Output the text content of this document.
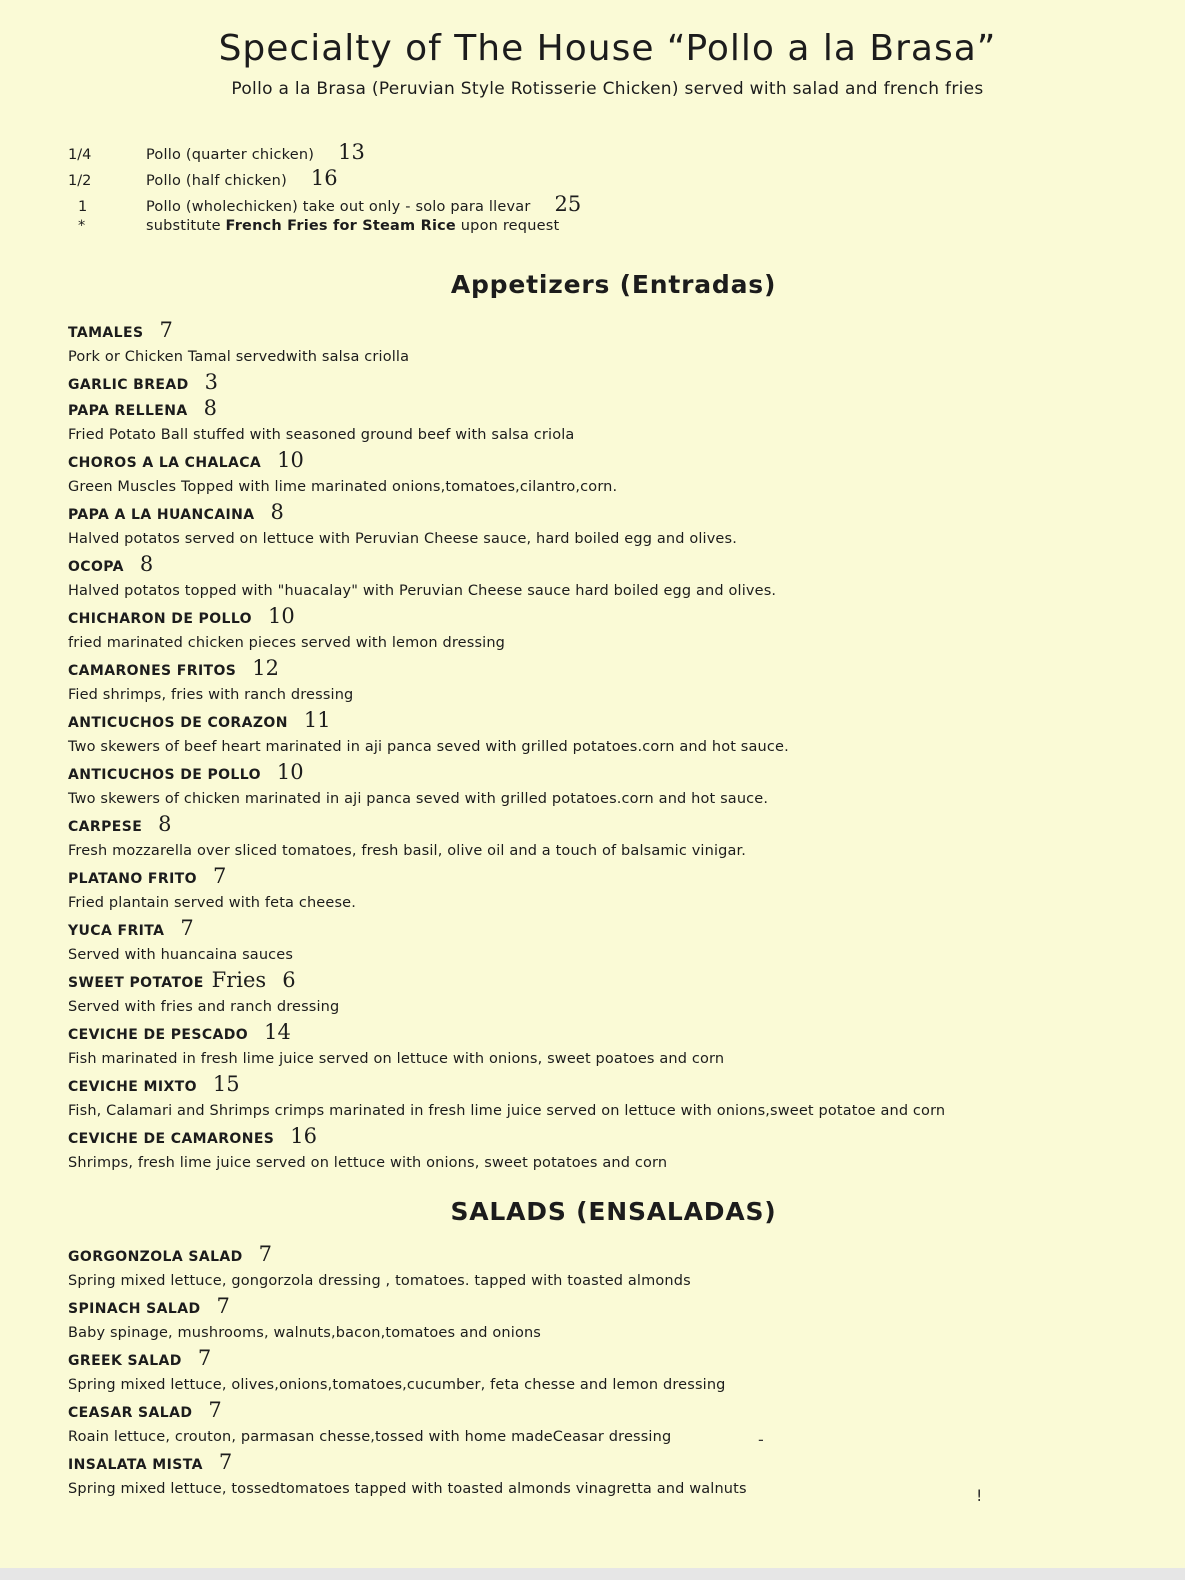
Specialty of The House “Pollo a la Brasa”
Pollo a la Brasa (Peruvian Style Rotisserie Chicken) served with salad and french fries
1/4	Pollo (quarter chicken) 13
1/2	Pollo (half chicken) 16
1	Pollo (wholechicken) take out only - solo para llevar 25
*	substitute French Fries for Steam Rice upon request
Appetizers (Entradas)
TAMALES 7
Pork or Chicken Tamal servedwith salsa criolla
GARLIC BREAD 3
PAPA RELLENA 8
Fried Potato Ball stuffed with seasoned ground beef with salsa criola
CHOROS A LA CHALACA 10
Green Muscles Topped with lime marinated onions,tomatoes,cilantro,corn.
PAPA A LA HUANCAINA 8
Halved potatos served on lettuce with Peruvian Cheese sauce, hard boiled egg and olives.
OCOPA 8
Halved potatos topped with "huacalay" with Peruvian Cheese sauce hard boiled egg and olives.
CHICHARON DE POLLO 10
fried marinated chicken pieces served with lemon dressing
CAMARONES FRITOS 12
Fied shrimps, fries with ranch dressing
ANTICUCHOS DE CORAZON 11
Two skewers of beef heart marinated in aji panca seved with grilled potatoes.corn and hot sauce.
ANTICUCHOS DE POLLO 10
Two skewers of chicken marinated in aji panca seved with grilled potatoes.corn and hot sauce.
CARPESE 8
Fresh mozzarella over sliced tomatoes, fresh basil, olive oil and a touch of balsamic vinigar.
PLATANO FRITO 7
Fried plantain served with feta cheese.
YUCA FRITA 7
Served with huancaina sauces
SWEET POTATOE Fries 6
Served with fries and ranch dressing
CEVICHE DE PESCADO 14
Fish marinated in fresh lime juice served on lettuce with onions, sweet poatoes and corn
CEVICHE MIXTO 15
Fish, Calamari and Shrimps crimps marinated in fresh lime juice served on lettuce with onions,sweet potatoe and corn
CEVICHE DE CAMARONES 16
Shrimps, fresh lime juice served on lettuce with onions, sweet potatoes and corn
SALADS (ENSALADAS)
GORGONZOLA SALAD 7
Spring mixed lettuce, gongorzola dressing , tomatoes. tapped with toasted almonds
SPINACH SALAD 7
Baby spinage, mushrooms, walnuts,bacon,tomatoes and onions
GREEK SALAD 7
Spring mixed lettuce, olives,onions,tomatoes,cucumber, feta chesse and lemon dressing
CEASAR SALAD 7
Roain lettuce, crouton, parmasan chesse,tossed with home madeCeasar dressing
INSALATA MISTA 7
Spring mixed lettuce, tossedtomatoes tapped with toasted almonds vinagretta and walnuts
-
!
